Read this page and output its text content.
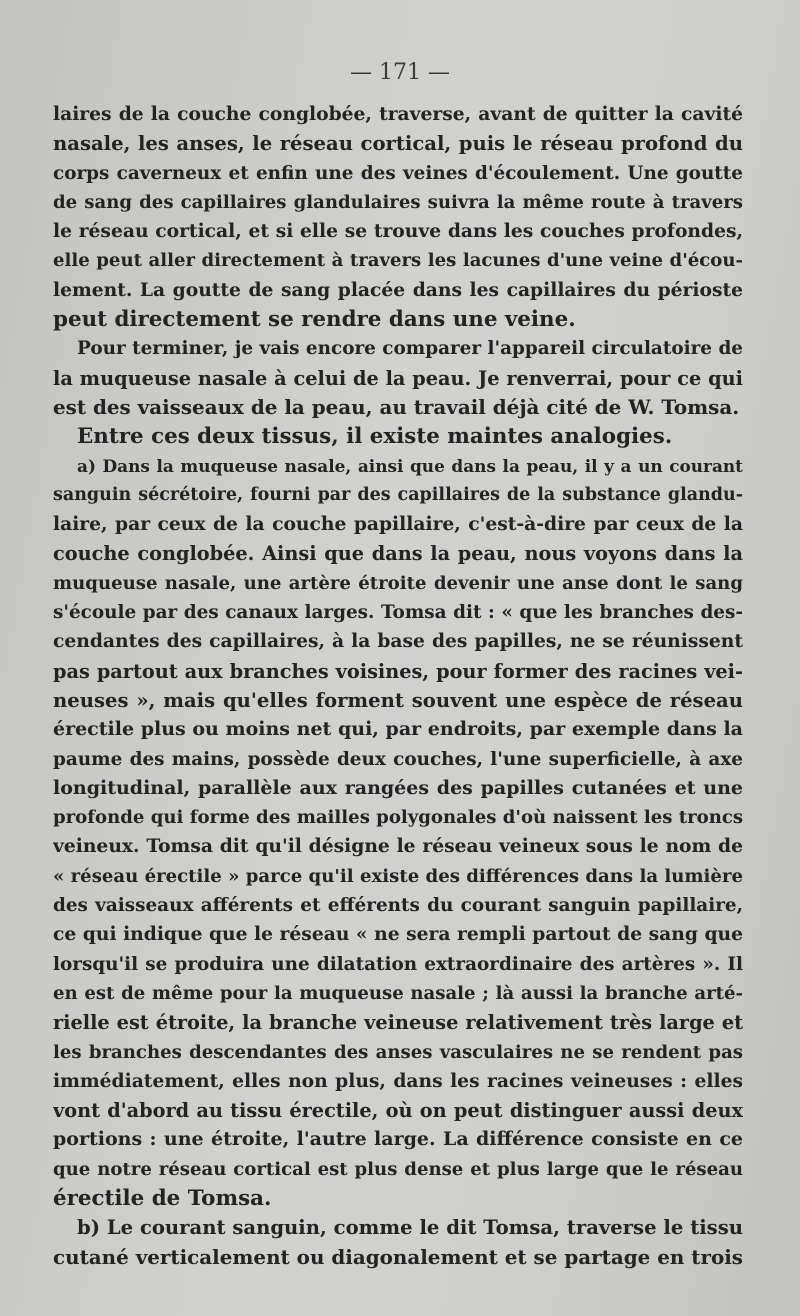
— 171 —
laires de la couche conglobée, traverse, avant de quitter la cavité
nasale, les anses, le réseau cortical, puis le réseau profond du
corps caverneux et enfin une des veines d'écoulement. Une goutte
de sang des capillaires glandulaires suivra la même route à travers
le réseau cortical, et si elle se trouve dans les couches profondes,
elle peut aller directement à travers les lacunes d'une veine d'écou-
lement. La goutte de sang placée dans les capillaires du périoste
peut directement se rendre dans une veine.
Pour terminer, je vais encore comparer l'appareil circulatoire de
la muqueuse nasale à celui de la peau. Je renverrai, pour ce qui
est des vaisseaux de la peau, au travail déjà cité de W. Tomsa.
Entre ces deux tissus, il existe maintes analogies.
a) Dans la muqueuse nasale, ainsi que dans la peau, il y a un courant
sanguin sécrétoire, fourni par des capillaires de la substance glandu-
laire, par ceux de la couche papillaire, c'est-à-dire par ceux de la
couche conglobée. Ainsi que dans la peau, nous voyons dans la
muqueuse nasale, une artère étroite devenir une anse dont le sang
s'écoule par des canaux larges. Tomsa dit : « que les branches des-
cendantes des capillaires, à la base des papilles, ne se réunissent
pas partout aux branches voisines, pour former des racines vei-
neuses », mais qu'elles forment souvent une espèce de réseau
érectile plus ou moins net qui, par endroits, par exemple dans la
paume des mains, possède deux couches, l'une superficielle, à axe
longitudinal, parallèle aux rangées des papilles cutanées et une
profonde qui forme des mailles polygonales d'où naissent les troncs
veineux. Tomsa dit qu'il désigne le réseau veineux sous le nom de
« réseau érectile » parce qu'il existe des différences dans la lumière
des vaisseaux afférents et efférents du courant sanguin papillaire,
ce qui indique que le réseau « ne sera rempli partout de sang que
lorsqu'il se produira une dilatation extraordinaire des artères ». Il
en est de même pour la muqueuse nasale ; là aussi la branche arté-
rielle est étroite, la branche veineuse relativement très large et
les branches descendantes des anses vasculaires ne se rendent pas
immédiatement, elles non plus, dans les racines veineuses : elles
vont d'abord au tissu érectile, où on peut distinguer aussi deux
portions : une étroite, l'autre large. La différence consiste en ce
que notre réseau cortical est plus dense et plus large que le réseau
érectile de Tomsa.
b) Le courant sanguin, comme le dit Tomsa, traverse le tissu
cutané verticalement ou diagonalement et se partage en trois
